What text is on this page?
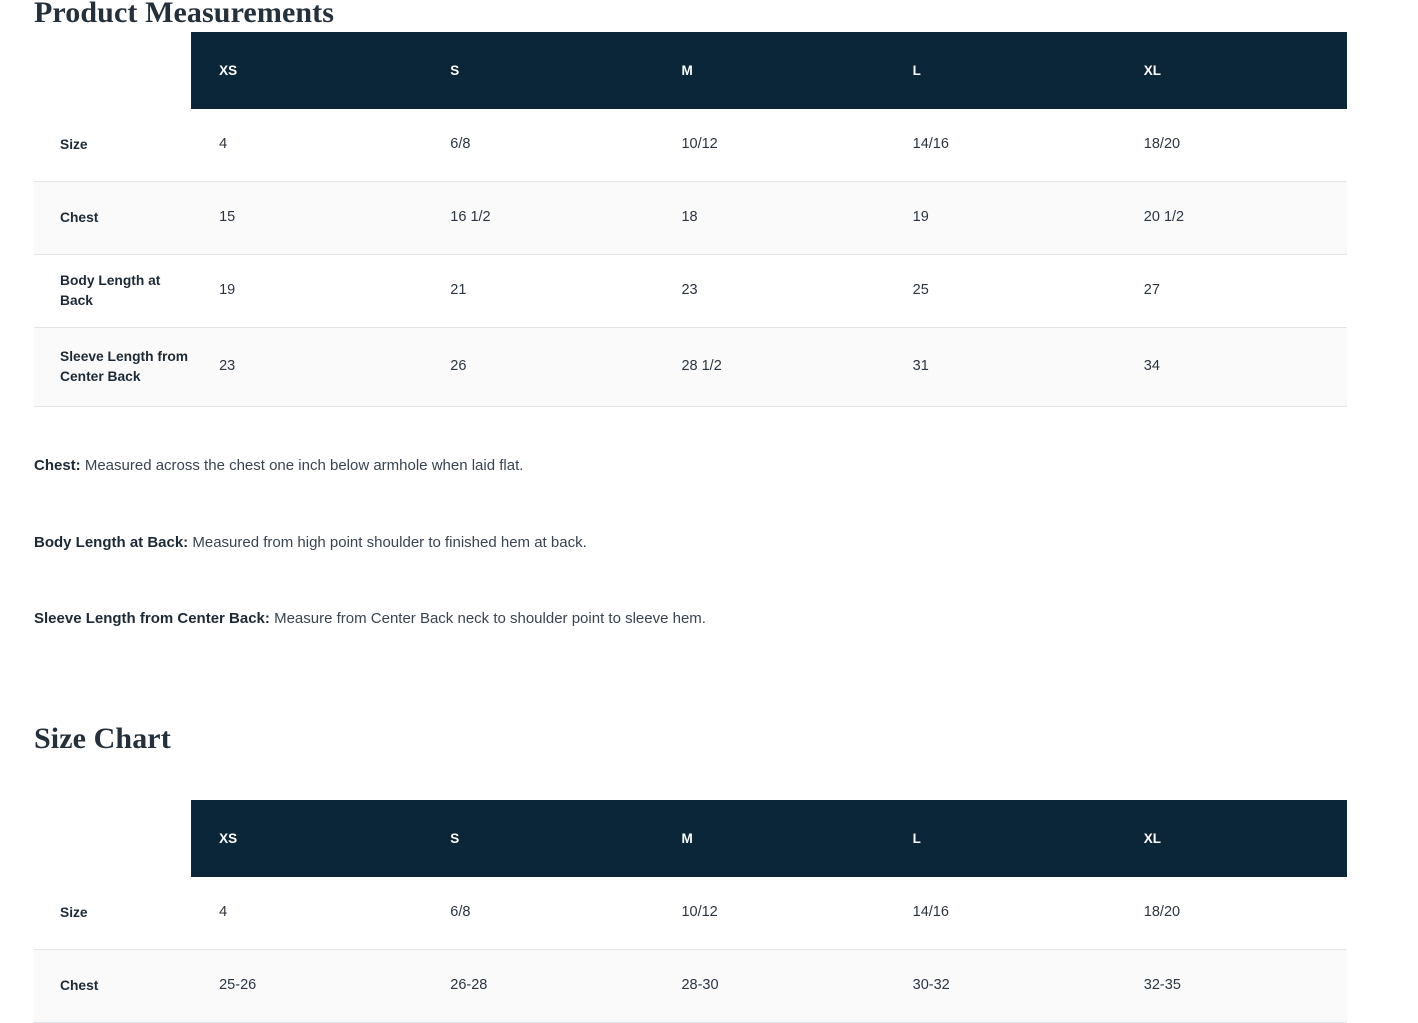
Product Measurements
	XS	S	M	L	XL
Size	4	6/8	10/12	14/16	18/20
Chest	15	16 1/2	18	19	20 1/2
Body Length at Back	19	21	23	25	27
Sleeve Length from Center Back	23	26	28 1/2	31	34

Chest: Measured across the chest one inch below armhole when laid flat.

Body Length at Back: Measured from high point shoulder to finished hem at back.

Sleeve Length from Center Back: Measure from Center Back neck to shoulder point to sleeve hem.

Size Chart
	XS	S	M	L	XL
Size	4	6/8	10/12	14/16	18/20
Chest	25-26	26-28	28-30	30-32	32-35
